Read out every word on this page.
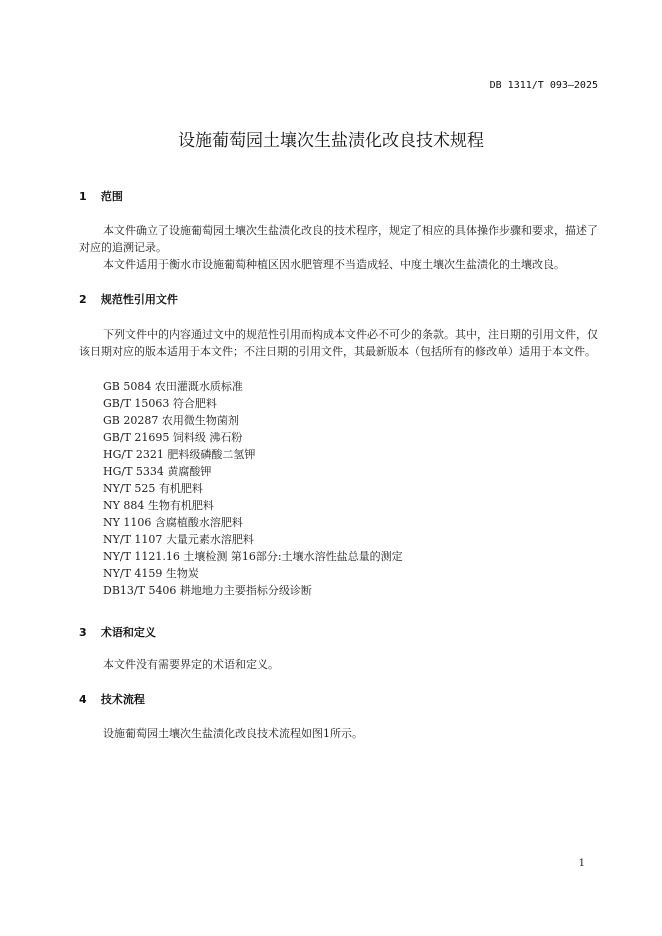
DB 1311/T 093—2025
设施葡萄园土壤次生盐渍化改良技术规程
1 范围
本文件确立了设施葡萄园土壤次生盐渍化改良的技术程序，规定了相应的具体操作步骤和要求，描述了对应的追溯记录。
本文件适用于衡水市设施葡萄种植区因水肥管理不当造成轻、中度土壤次生盐渍化的土壤改良。
2 规范性引用文件
下列文件中的内容通过文中的规范性引用而构成本文件必不可少的条款。其中，注日期的引用文件，仅该日期对应的版本适用于本文件；不注日期的引用文件，其最新版本（包括所有的修改单）适用于本文件。
GB 5084 农田灌溉水质标准
GB/T 15063 符合肥料
GB 20287 农用微生物菌剂
GB/T 21695 饲料级 沸石粉
HG/T 2321 肥料级磷酸二氢钾
HG/T 5334 黄腐酸钾
NY/T 525 有机肥料
NY 884 生物有机肥料
NY 1106 含腐植酸水溶肥料
NY/T 1107 大量元素水溶肥料
NY/T 1121.16 土壤检测 第16部分:土壤水溶性盐总量的测定
NY/T 4159 生物炭
DB13/T 5406 耕地地力主要指标分级诊断
3 术语和定义
本文件没有需要界定的术语和定义。
4 技术流程
设施葡萄园土壤次生盐渍化改良技术流程如图1所示。
1
